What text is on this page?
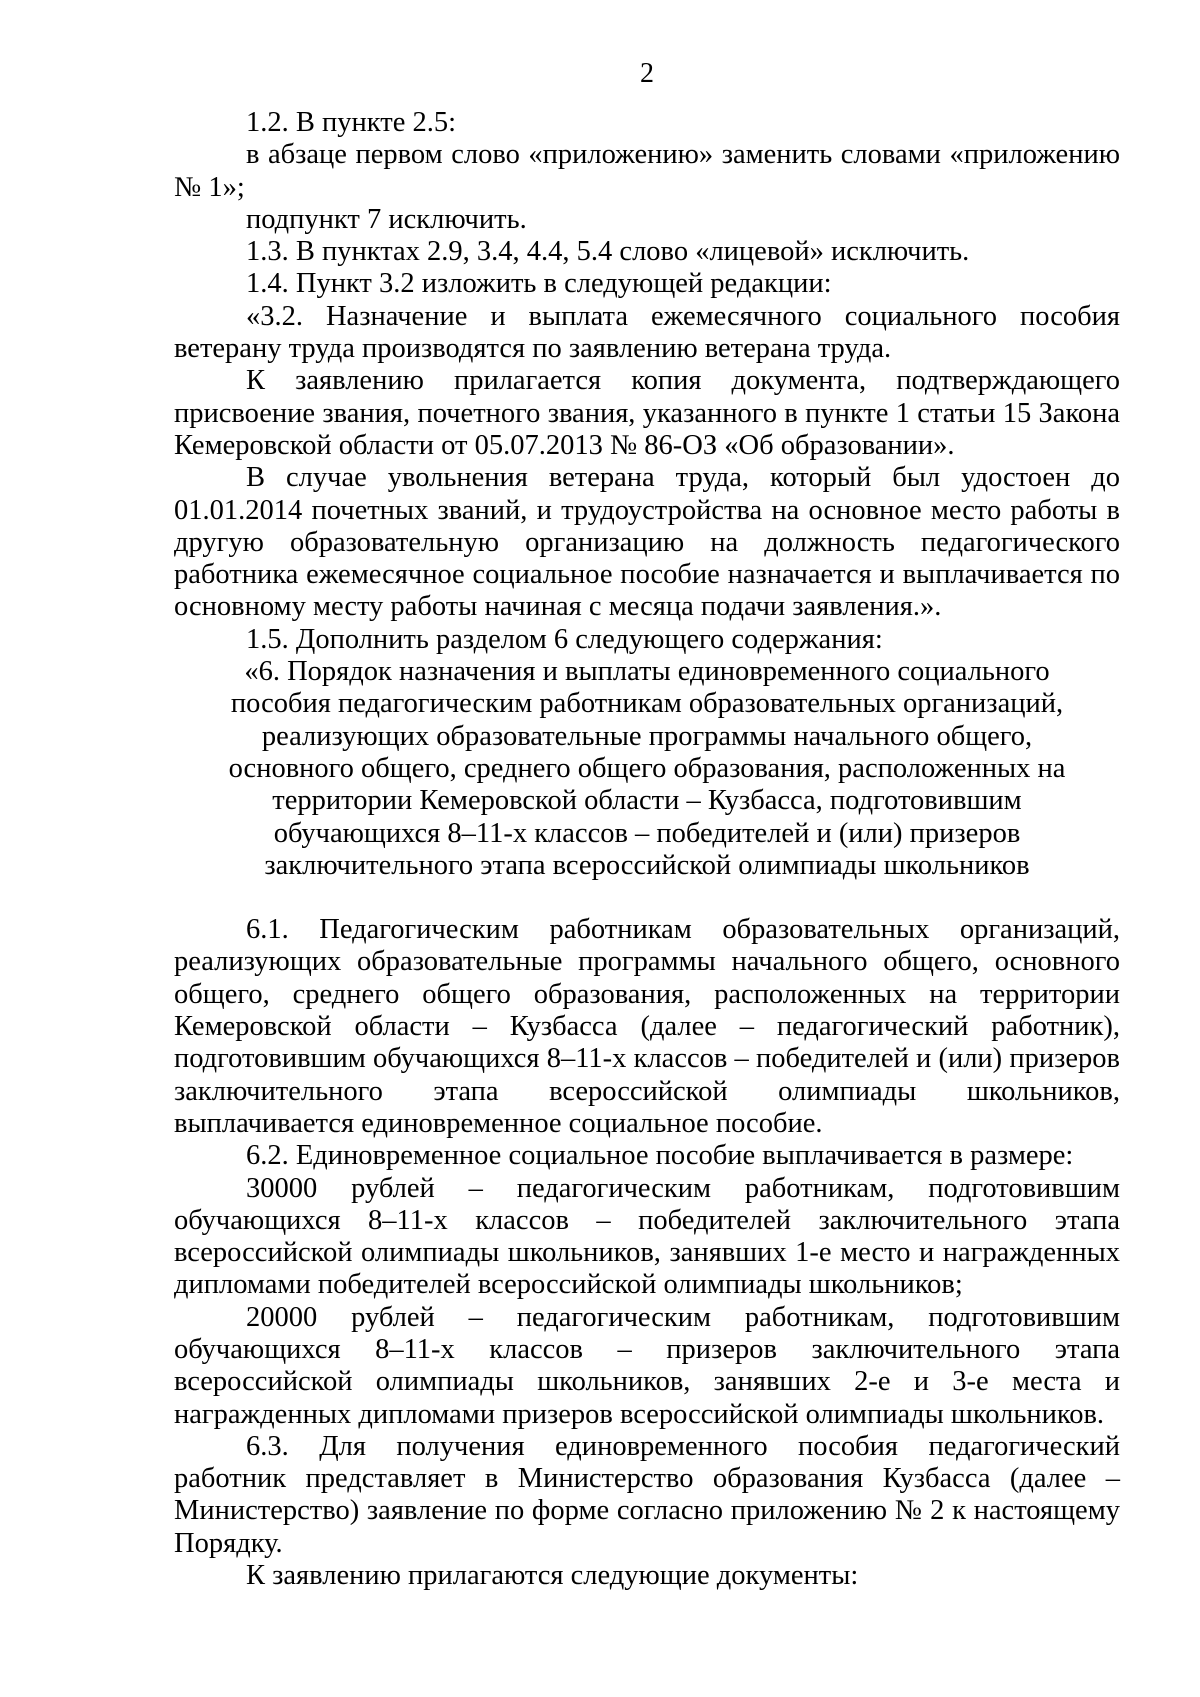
2

1.2. В пункте 2.5:

в абзаце первом слово «приложению» заменить словами «приложению № 1»;

подпункт 7 исключить.

1.3. В пунктах 2.9, 3.4, 4.4, 5.4 слово «лицевой» исключить.

1.4. Пункт 3.2 изложить в следующей редакции:

«3.2. Назначение и выплата ежемесячного социального пособия ветерану труда производятся по заявлению ветерана труда.

К заявлению прилагается копия документа, подтверждающего присвоение звания, почетного звания, указанного в пункте 1 статьи 15 Закона Кемеровской области от 05.07.2013 № 86-ОЗ «Об образовании».

В случае увольнения ветерана труда, который был удостоен до 01.01.2014 почетных званий, и трудоустройства на основное место работы в другую образовательную организацию на должность педагогического работника ежемесячное социальное пособие назначается и выплачивается по основному месту работы начиная с месяца подачи заявления.».

1.5. Дополнить разделом 6 следующего содержания:

«6. Порядок назначения и выплаты единовременного социального пособия педагогическим работникам образовательных организаций, реализующих образовательные программы начального общего, основного общего, среднего общего образования, расположенных на территории Кемеровской области – Кузбасса, подготовившим обучающихся 8–11-х классов – победителей и (или) призеров заключительного этапа всероссийской олимпиады школьников

6.1. Педагогическим работникам образовательных организаций, реализующих образовательные программы начального общего, основного общего, среднего общего образования, расположенных на территории Кемеровской области – Кузбасса (далее – педагогический работник), подготовившим обучающихся 8–11-х классов – победителей и (или) призеров заключительного этапа всероссийской олимпиады школьников, выплачивается единовременное социальное пособие.

6.2. Единовременное социальное пособие выплачивается в размере:

30000 рублей – педагогическим работникам, подготовившим обучающихся 8–11-х классов – победителей заключительного этапа всероссийской олимпиады школьников, занявших 1-е место и награжденных дипломами победителей всероссийской олимпиады школьников;

20000 рублей – педагогическим работникам, подготовившим обучающихся 8–11-х классов – призеров заключительного этапа всероссийской олимпиады школьников, занявших 2-е и 3-е места и награжденных дипломами призеров всероссийской олимпиады школьников.

6.3. Для получения единовременного пособия педагогический работник представляет в Министерство образования Кузбасса (далее – Министерство) заявление по форме согласно приложению № 2 к настоящему Порядку.

К заявлению прилагаются следующие документы:
